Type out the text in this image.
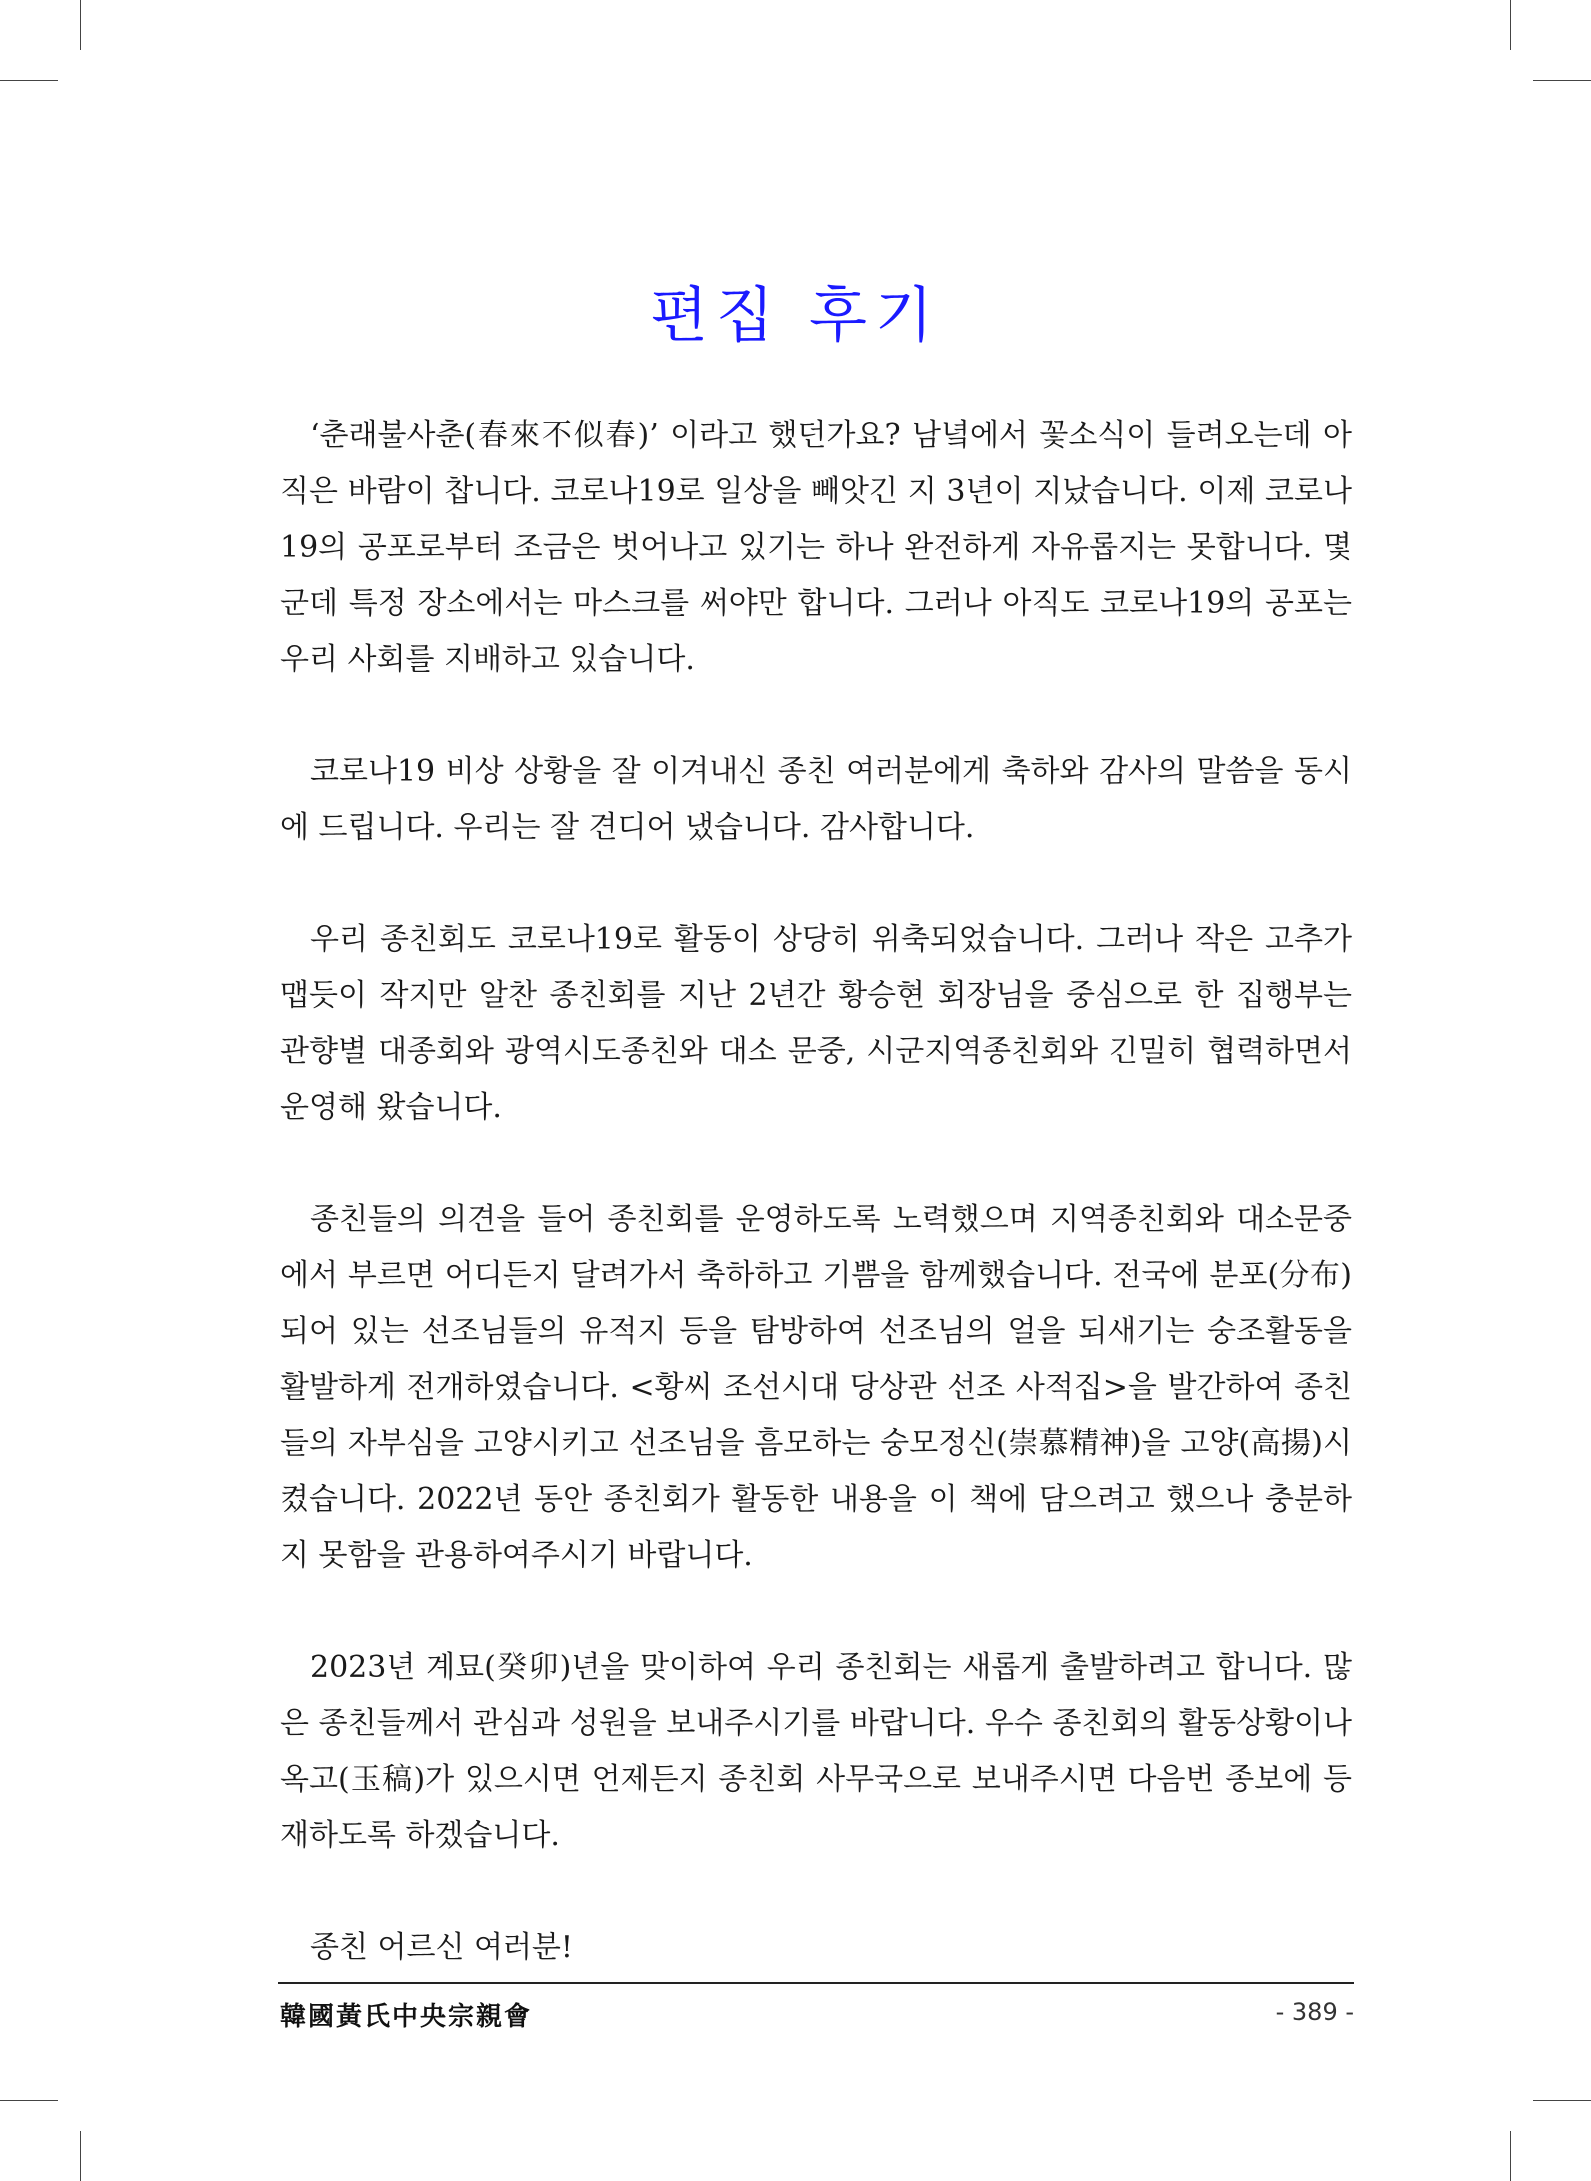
편집 후기

‘춘래불사춘(春來不似春)’ 이라고 했던가요? 남녘에서 꽃소식이 들려오는데 아직은 바람이 찹니다. 코로나19로 일상을 빼앗긴 지 3년이 지났습니다. 이제 코로나19의 공포로부터 조금은 벗어나고 있기는 하나 완전하게 자유롭지는 못합니다. 몇 군데 특정 장소에서는 마스크를 써야만 합니다. 그러나 아직도 코로나19의 공포는 우리 사회를 지배하고 있습니다.

코로나19 비상 상황을 잘 이겨내신 종친 여러분에게 축하와 감사의 말씀을 동시에 드립니다. 우리는 잘 견디어 냈습니다. 감사합니다.

우리 종친회도 코로나19로 활동이 상당히 위축되었습니다. 그러나 작은 고추가 맵듯이 작지만 알찬 종친회를 지난 2년간 황승현 회장님을 중심으로 한 집행부는 관향별 대종회와 광역시도종친와 대소 문중, 시군지역종친회와 긴밀히 협력하면서 운영해 왔습니다.

종친들의 의견을 들어 종친회를 운영하도록 노력했으며 지역종친회와 대소문중에서 부르면 어디든지 달려가서 축하하고 기쁨을 함께했습니다. 전국에 분포(分布) 되어 있는 선조님들의 유적지 등을 탐방하여 선조님의 얼을 되새기는 숭조활동을 활발하게 전개하였습니다. <황씨 조선시대 당상관 선조 사적집>을 발간하여 종친들의 자부심을 고양시키고 선조님을 흠모하는 숭모정신(崇慕精神)을 고양(高揚)시켰습니다. 2022년 동안 종친회가 활동한 내용을 이 책에 담으려고 했으나 충분하지 못함을 관용하여주시기 바랍니다.

2023년 계묘(癸卯)년을 맞이하여 우리 종친회는 새롭게 출발하려고 합니다. 많은 종친들께서 관심과 성원을 보내주시기를 바랍니다. 우수 종친회의 활동상황이나 옥고(玉稿)가 있으시면 언제든지 종친회 사무국으로 보내주시면 다음번 종보에 등재하도록 하겠습니다.

종친 어르신 여러분!

韓國黃氏中央宗親會	- 389 -
